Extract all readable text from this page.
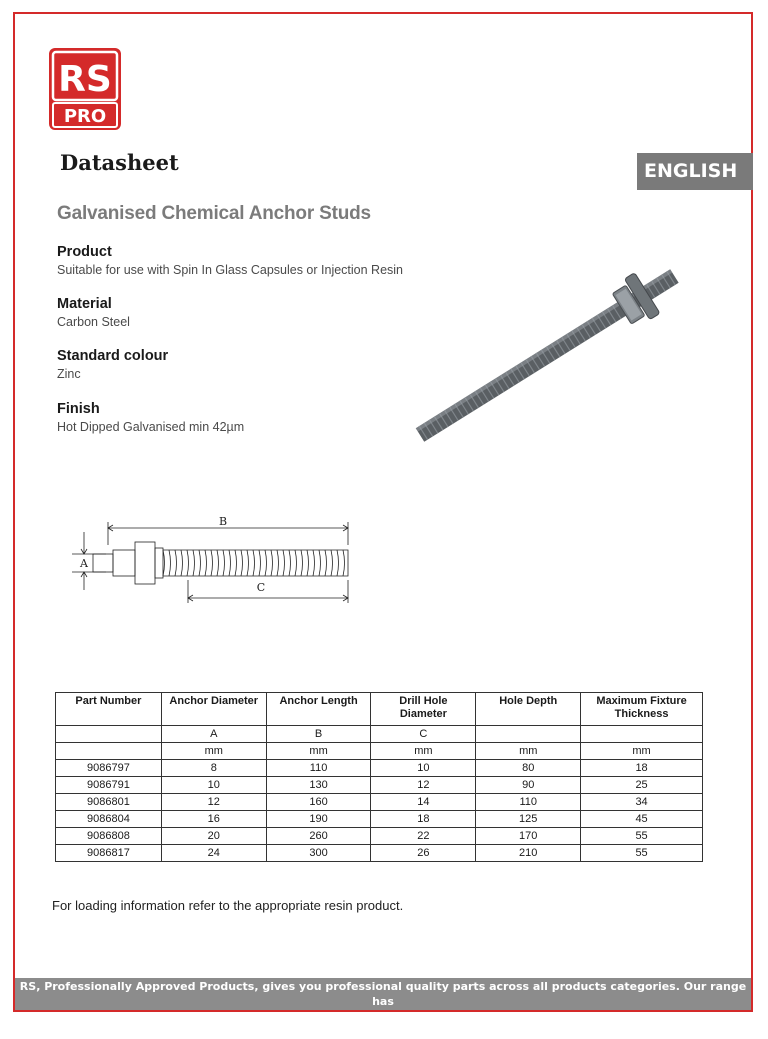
RS
PRO
Datasheet	ENGLISH
Galvanised Chemical Anchor Studs
Product
Suitable for use with Spin In Glass Capsules or Injection Resin
Material
Carbon Steel
Standard colour
Zinc
Finish
Hot Dipped Galvanised min 42µm
B
C
A
Part Number	Anchor Diameter	Anchor Length	Drill Hole Diameter	Hole Depth	Maximum Fixture Thickness
	A	B	C		
	mm	mm	mm	mm	mm
9086797	8	110	10	80	18
9086791	10	130	12	90	25
9086801	12	160	14	110	34
9086804	16	190	18	125	45
9086808	20	260	22	170	55
9086817	24	300	26	210	55
For loading information refer to the appropriate resin product.
RS, Professionally Approved Products, gives you professional quality parts across all products categories. Our range has
been testified by engineers as giving comparable quality to that of the leading brands without paying a premium price.
